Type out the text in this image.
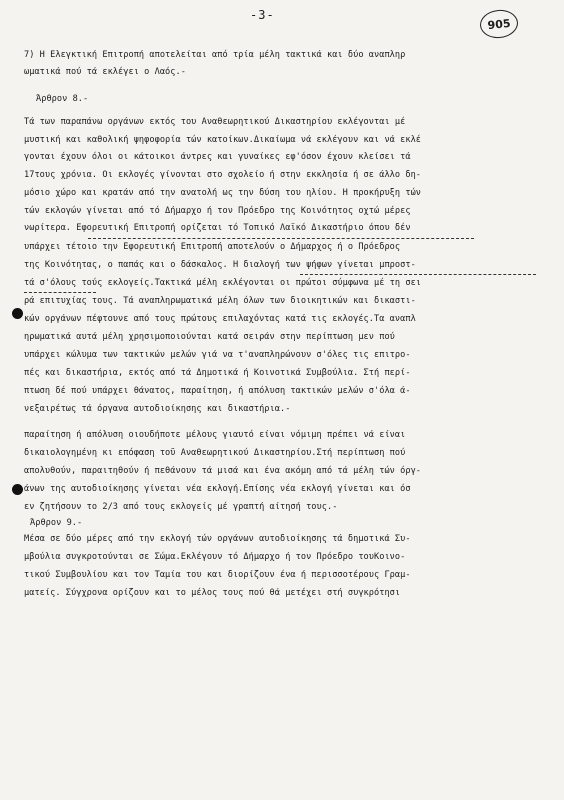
-3-
905
7) Η Ελεγκτική Επιτροπή αποτελείται από τρία μέλη τακτικά και δύο αναπληρ
ωματικά πού τά εκλέγει ο Λαός.-
Άρθρον 8.-
Τά των παραπάνω οργάνων εκτός του Αναθεωρητικού Δικαστηρίου εκλέγονται μέ
μυστική και καθολική ψηφοφορία τών κατοίκων.Δικαίωμα νά εκλέγουν και νά εκλέ
γονται έχουν όλοι οι κάτοικοι άντρες και γυναίκες εφ'όσον έχουν κλείσει τά
17τους χρόνια. Οι εκλογές γίνονται στο σχολείο ή στην εκκλησία ή σε άλλο δη-
μόσιο χώρο και κρατάν από την ανατολή ως την δύση του ηλίου. Η προκήρυξη τών
τών εκλογών γίνεται από τό Δήμαρχο ή τον Πρόεδρο της Κοινότητος οχτώ μέρες
νωρίτερα. Εφορευτική Επιτροπή ορίζεται τό Τοπικό Λαϊκό Δικαστήριο όπου δέν
υπάρχει τέτοιο την Εφορευτική Επιτροπή αποτελούν ο Δήμαρχος ή ο Πρόεδρος
της Κοινότητας, ο παπάς και ο δάσκαλος. Η διαλογή των ψήφων γίνεται μπροστ-
τά σ'όλους τούς εκλογείς.Τακτικά μέλη εκλέγονται οι πρώτοι σύμφωνα μέ τη σει
ρά επιτυχίας τους. Τά αναπληρωματικά μέλη όλων των διοικητικών και δικαστι-
κών οργάνων πέφτουνε από τους πρώτους επιλαχόντας κατά τις εκλογές.Τα αναπλ
ηρωματικά αυτά μέλη χρησιμοποιούνται κατά σειράν στην περίπτωση μεν πού
υπάρχει κώλυμα των τακτικών μελών γιά να τ'αναπληρώνουν σ'όλες τις επιτρο-
πές και δικαστήρια, εκτός από τά Δημοτικά ή Κοινοτικά Συμβούλια. Στή περί-
πτωση δέ πού υπάρχει θάνατος, παραίτηση, ή απόλυση τακτικών μελών σ'όλα ά-
νεξαιρέτως τά όργανα αυτοδιοίκησης και δικαστήρια.-
παραίτηση ή απόλυση οιουδήποτε μέλους γιαυτό είναι νόμιμη πρέπει νά είναι
δικαιολογημένη κι επόφαση τοῦ Αναθεωρητικού Δικαστηρίου.Στή περίπτωση πού
απολυθούν, παραιτηθούν ή πεθάνουν τά μισά και ένα ακόμη από τά μέλη τών όργ-
άνων της αυτοδιοίκησης γίνεται νέα εκλογή.Επίσης νέα εκλογή γίνεται και όσ
εν ζητήσουν το 2/3 από τους εκλογείς μέ γραπτή αίτησή τους.-
Άρθρον 9.-
Μέσα σε δύο μέρες από την εκλογή τών οργάνων αυτοδιοίκησης τά δημοτικά Συ-
μβούλια συγκροτούνται σε Σώμα.Εκλέγουν τό Δήμαρχο ή τον Πρόεδρο τουΚοινο-
τικού Συμβουλίου και τον Ταμία του και διορίζουν ένα ή περισσοτέρους Γραμ-
ματείς. Σύγχρονα ορίζουν και το μέλος τους πού θά μετέχει στή συγκρότησι
